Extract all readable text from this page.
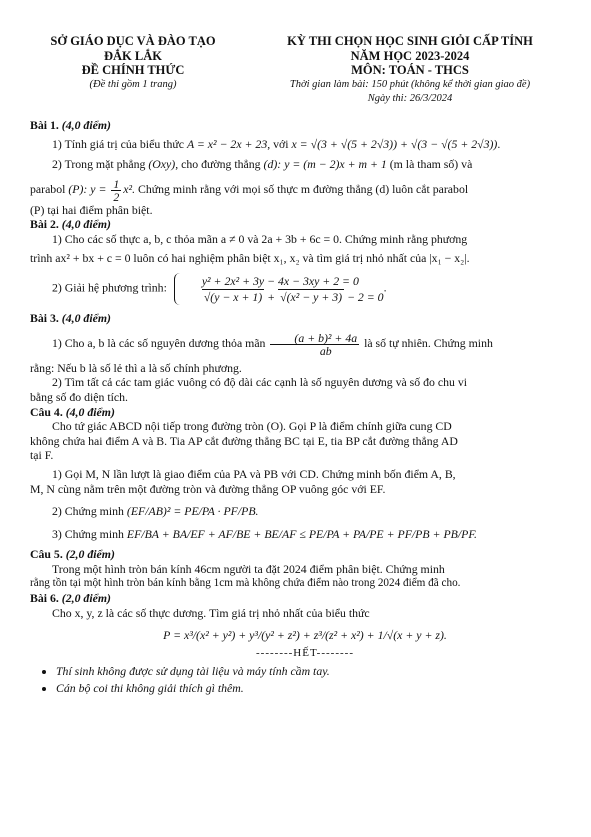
SỞ GIÁO DỤC VÀ ĐÀO TẠO
ĐẮK LẮK
ĐỀ CHÍNH THỨC
(Đề thi gồm 1 trang)
KỲ THI CHỌN HỌC SINH GIỎI CẤP TỈNH
NĂM HỌC 2023-2024
MÔN: TOÁN - THCS
Thời gian làm bài: 150 phút (không kể thời gian giao đề)
Ngày thi: 26/3/2024

Bài 1. (4,0 điểm)

1) Tính giá trị của biểu thức A = x² − 2x + 23, với x = √(3 + √(5 + 2√3)) + √(3 − √(5 + 2√3)).

2) Trong mặt phẳng (Oxy), cho đường thẳng (d): y = (m − 2)x + m + 1 (m là tham số) và

parabol (P): $y = \frac{1}{2} x^2$. Chứng minh rằng với mọi số thực m đường thẳng (d) luôn cắt parabol

(P) tại hai điểm phân biệt.

Bài 2. (4,0 điểm)

1) Cho các số thực a, b, c thỏa mãn a ≠ 0 và 2a + 3b + 6c = 0. Chứng minh rằng phương

trình ax² + bx + c = 0 luôn có hai nghiệm phân biệt x₁, x₂ và tìm giá trị nhỏ nhất của |x₁ − x₂|.

2) Giải hệ phương trình:	y² + 2x² + 3y − 4x − 3xy + 2 = 0
√(y − x + 1) + √(x² − y + 3) − 2 = 0
.

Bài 3. (4,0 điểm)

1) Cho a, b là các số nguyên dương thỏa mãn $\frac{\text{(a + b)² + 4a}}{ab}$ là số tự nhiên. Chứng minh

rằng: Nếu b là số lẻ thì a là số chính phương.

2) Tìm tất cả các tam giác vuông có độ dài các cạnh là số nguyên dương và số đo chu vi

bằng số đo diện tích.

Câu 4. (4,0 điểm)

Cho tứ giác ABCD nội tiếp trong đường tròn (O). Gọi P là điểm chính giữa cung CD

không chứa hai điểm A và B. Tia AP cắt đường thẳng BC tại E, tia BP cắt đường thẳng AD

tại F.

1) Gọi M, N lần lượt là giao điểm của PA và PB với CD. Chứng minh bốn điểm A, B,

M, N cùng nằm trên một đường tròn và đường thẳng OP vuông góc với EF.

2) Chứng minh (EF/AB)² = PE/PA · PF/PB.

3) Chứng minh EF/BA + BA/EF + AF/BE + BE/AF ≤ PE/PA + PA/PE + PF/PB + PB/PF.

Câu 5. (2,0 điểm)

Trong một hình tròn bán kính 46cm người ta đặt 2024 điểm phân biệt. Chứng minh

rằng tồn tại một hình tròn bán kính bằng 1cm mà không chứa điểm nào trong 2024 điểm đã cho.

Bài 6. (2,0 điểm)

Cho x, y, z là các số thực dương. Tìm giá trị nhỏ nhất của biểu thức

P = x³/(x² + y²) + y³/(y² + z²) + z³/(z² + x²) + 1/√(x + y + z).

--------HẾT--------

• Thí sinh không được sử dụng tài liệu và máy tính cầm tay.
• Cán bộ coi thi không giải thích gì thêm.
